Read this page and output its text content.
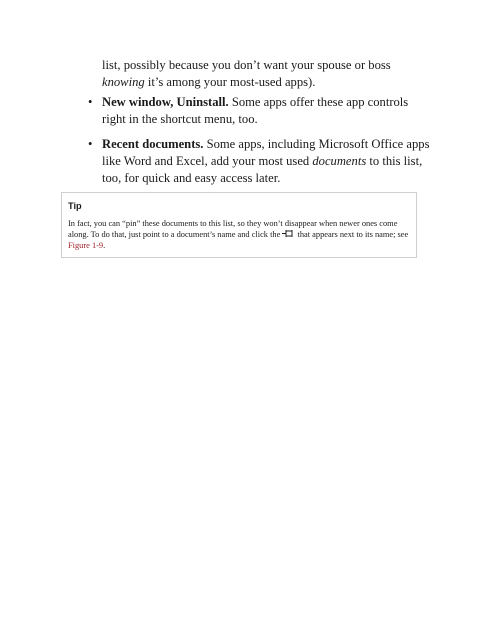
list, possibly because you don’t want your spouse or boss knowing it’s among your most-used apps).

• New window, Uninstall. Some apps offer these app controls right in the shortcut menu, too.
• Recent documents. Some apps, including Microsoft Office apps like Word and Excel, add your most used documents to this list, too, for quick and easy access later.
Tip

In fact, you can “pin” these documents to this list, so they won’t disappear when newer ones come along. To do that, just point to a document’s name and click the  that appears next to its name; see Figure 1-9.
